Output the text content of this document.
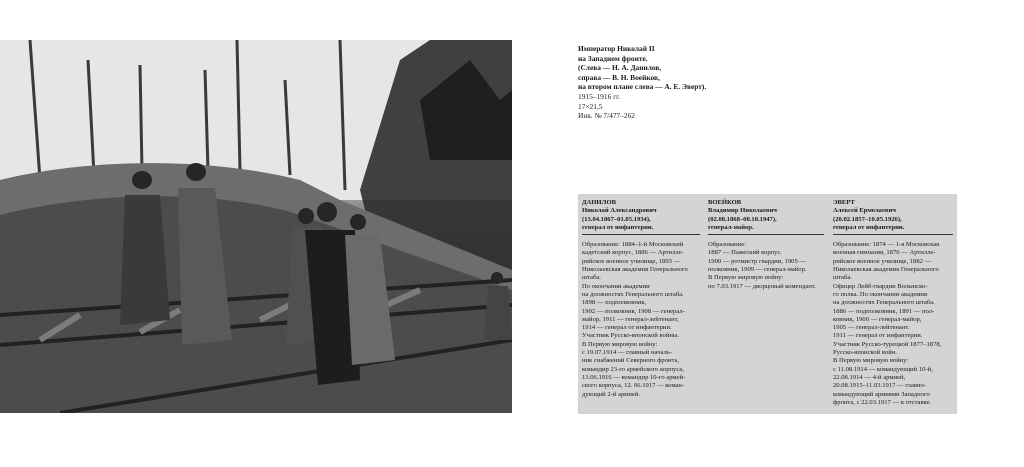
Император Николай II
на Западном фронте.
(Слева — Н. А. Данилов,
справа — В. Н. Воейков,
на втором плане слева — А. Е. Эверт).
1915–1916 гг.
17×21,5
Инв. № 7/477–262
ДАНИЛОВ
Николай Александрович
(13.04.1867–01.05.1934),
генерал от инфантерии.
Образование: 1884–1-й Московский
кадетский корпус, 1886 — Артилле-
рийское военное училище, 1893 —
Николаевская академия Генерального
штаба.
По окончании академии
на должностях Генерального штаба.
1898 — подполковник,
1902 — полковник, 1908 — генерал-
майор, 1911 — генерал-лейтенант,
1914 — генерал от инфантерии.
Участник Русско-японской войны.
В Первую мировую войну:
с 19.07.1914 — главный началь-
ник снабжений Северного фронта,
командир 23-го армейского корпуса,
13.06.1916 — командир 10-го армей-
ского корпуса, 12. 06.1917 — коман-
дующий 2-й армией.
ВОЕЙКОВ
Владимир Николаевич
(02.08.1868–08.10.1947),
генерал-майор.
Образование:
1887 — Пажеский корпус.
1900 — ротмистр гвардии, 1905 —
полковник, 1909 — генерал-майор.
В Первую мировую войну:
по 7.03.1917 — дворцовый комендант.
ЭВЕРТ
Алексей Ермолаевич
(20.02.1857–10.05.1926),
генерал от инфантерии.
Образование: 1874 — 1-я Московская
военная гимназия, 1876 — Артилле-
рийское военное училище, 1882 —
Николаевская академия Генерального
штаба.
Офицер Лейб-гвардии Волынско-
го полка. По окончании академии
на должностях Генерального штаба.
1886 — подполковник, 1891 — пол-
ковник, 1900 — генерал-майор,
1905 — генерал-лейтенант.
1911 — генерал от инфантерии.
Участник Русско-турецкой 1877–1878,
Русско-японской войн.
В Первую мировую войну:
с 11.08.1914 — командующий 10-й,
22.08.1914 — 4-й армией,
20.08.1915–11.03.1917 — главно-
командующий армиями Западного
фронта, с 22.03.1917 — в отставке.
